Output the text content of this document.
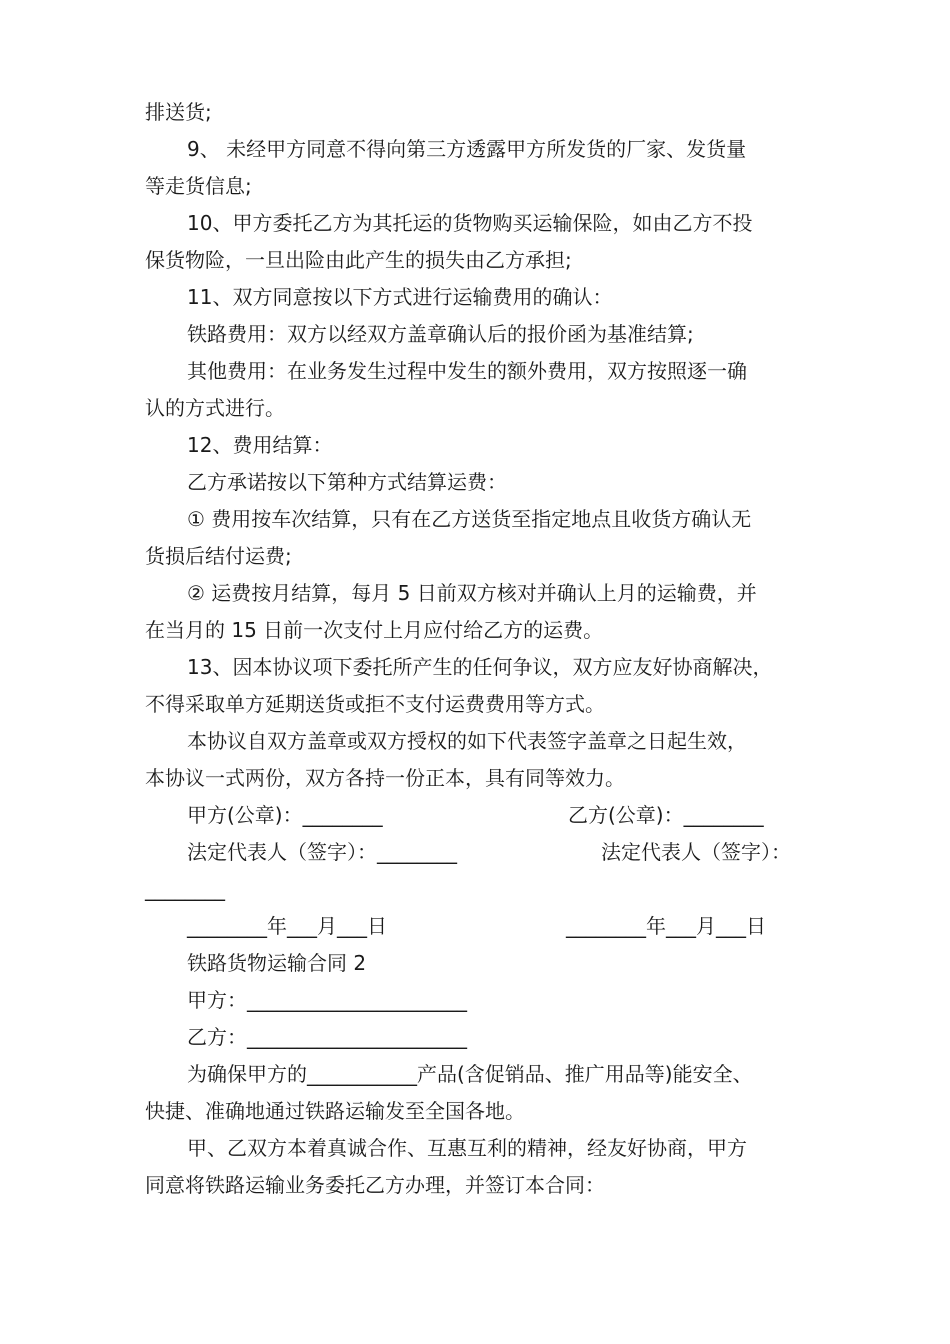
排送货;
9、 未经甲方同意不得向第三方透露甲方所发货的厂家、发货量
等走货信息;
10、甲方委托乙方为其托运的货物购买运输保险，如由乙方不投
保货物险，一旦出险由此产生的损失由乙方承担;
11、双方同意按以下方式进行运输费用的确认：
铁路费用：双方以经双方盖章确认后的报价函为基准结算;
其他费用：在业务发生过程中发生的额外费用，双方按照逐一确
认的方式进行。
12、费用结算：
乙方承诺按以下第种方式结算运费：
① 费用按车次结算，只有在乙方送货至指定地点且收货方确认无
货损后结付运费;
② 运费按月结算，每月 5 日前双方核对并确认上月的运输费，并
在当月的 15 日前一次支付上月应付给乙方的运费。
13、因本协议项下委托所产生的任何争议，双方应友好协商解决，
不得采取单方延期送货或拒不支付运费费用等方式。
本协议自双方盖章或双方授权的如下代表签字盖章之日起生效，
本协议一式两份，双方各持一份正本，具有同等效力。
甲方(公章)：________	乙方(公章)：________
法定代表人（签字）：________	法定代表人（签字）：
________
________年___月___日	________年___月___日
铁路货物运输合同 2
甲方：______________________
乙方：______________________
为确保甲方的___________产品(含促销品、推广用品等)能安全、
快捷、准确地通过铁路运输发至全国各地。
甲、乙双方本着真诚合作、互惠互利的精神，经友好协商，甲方
同意将铁路运输业务委托乙方办理，并签订本合同：
